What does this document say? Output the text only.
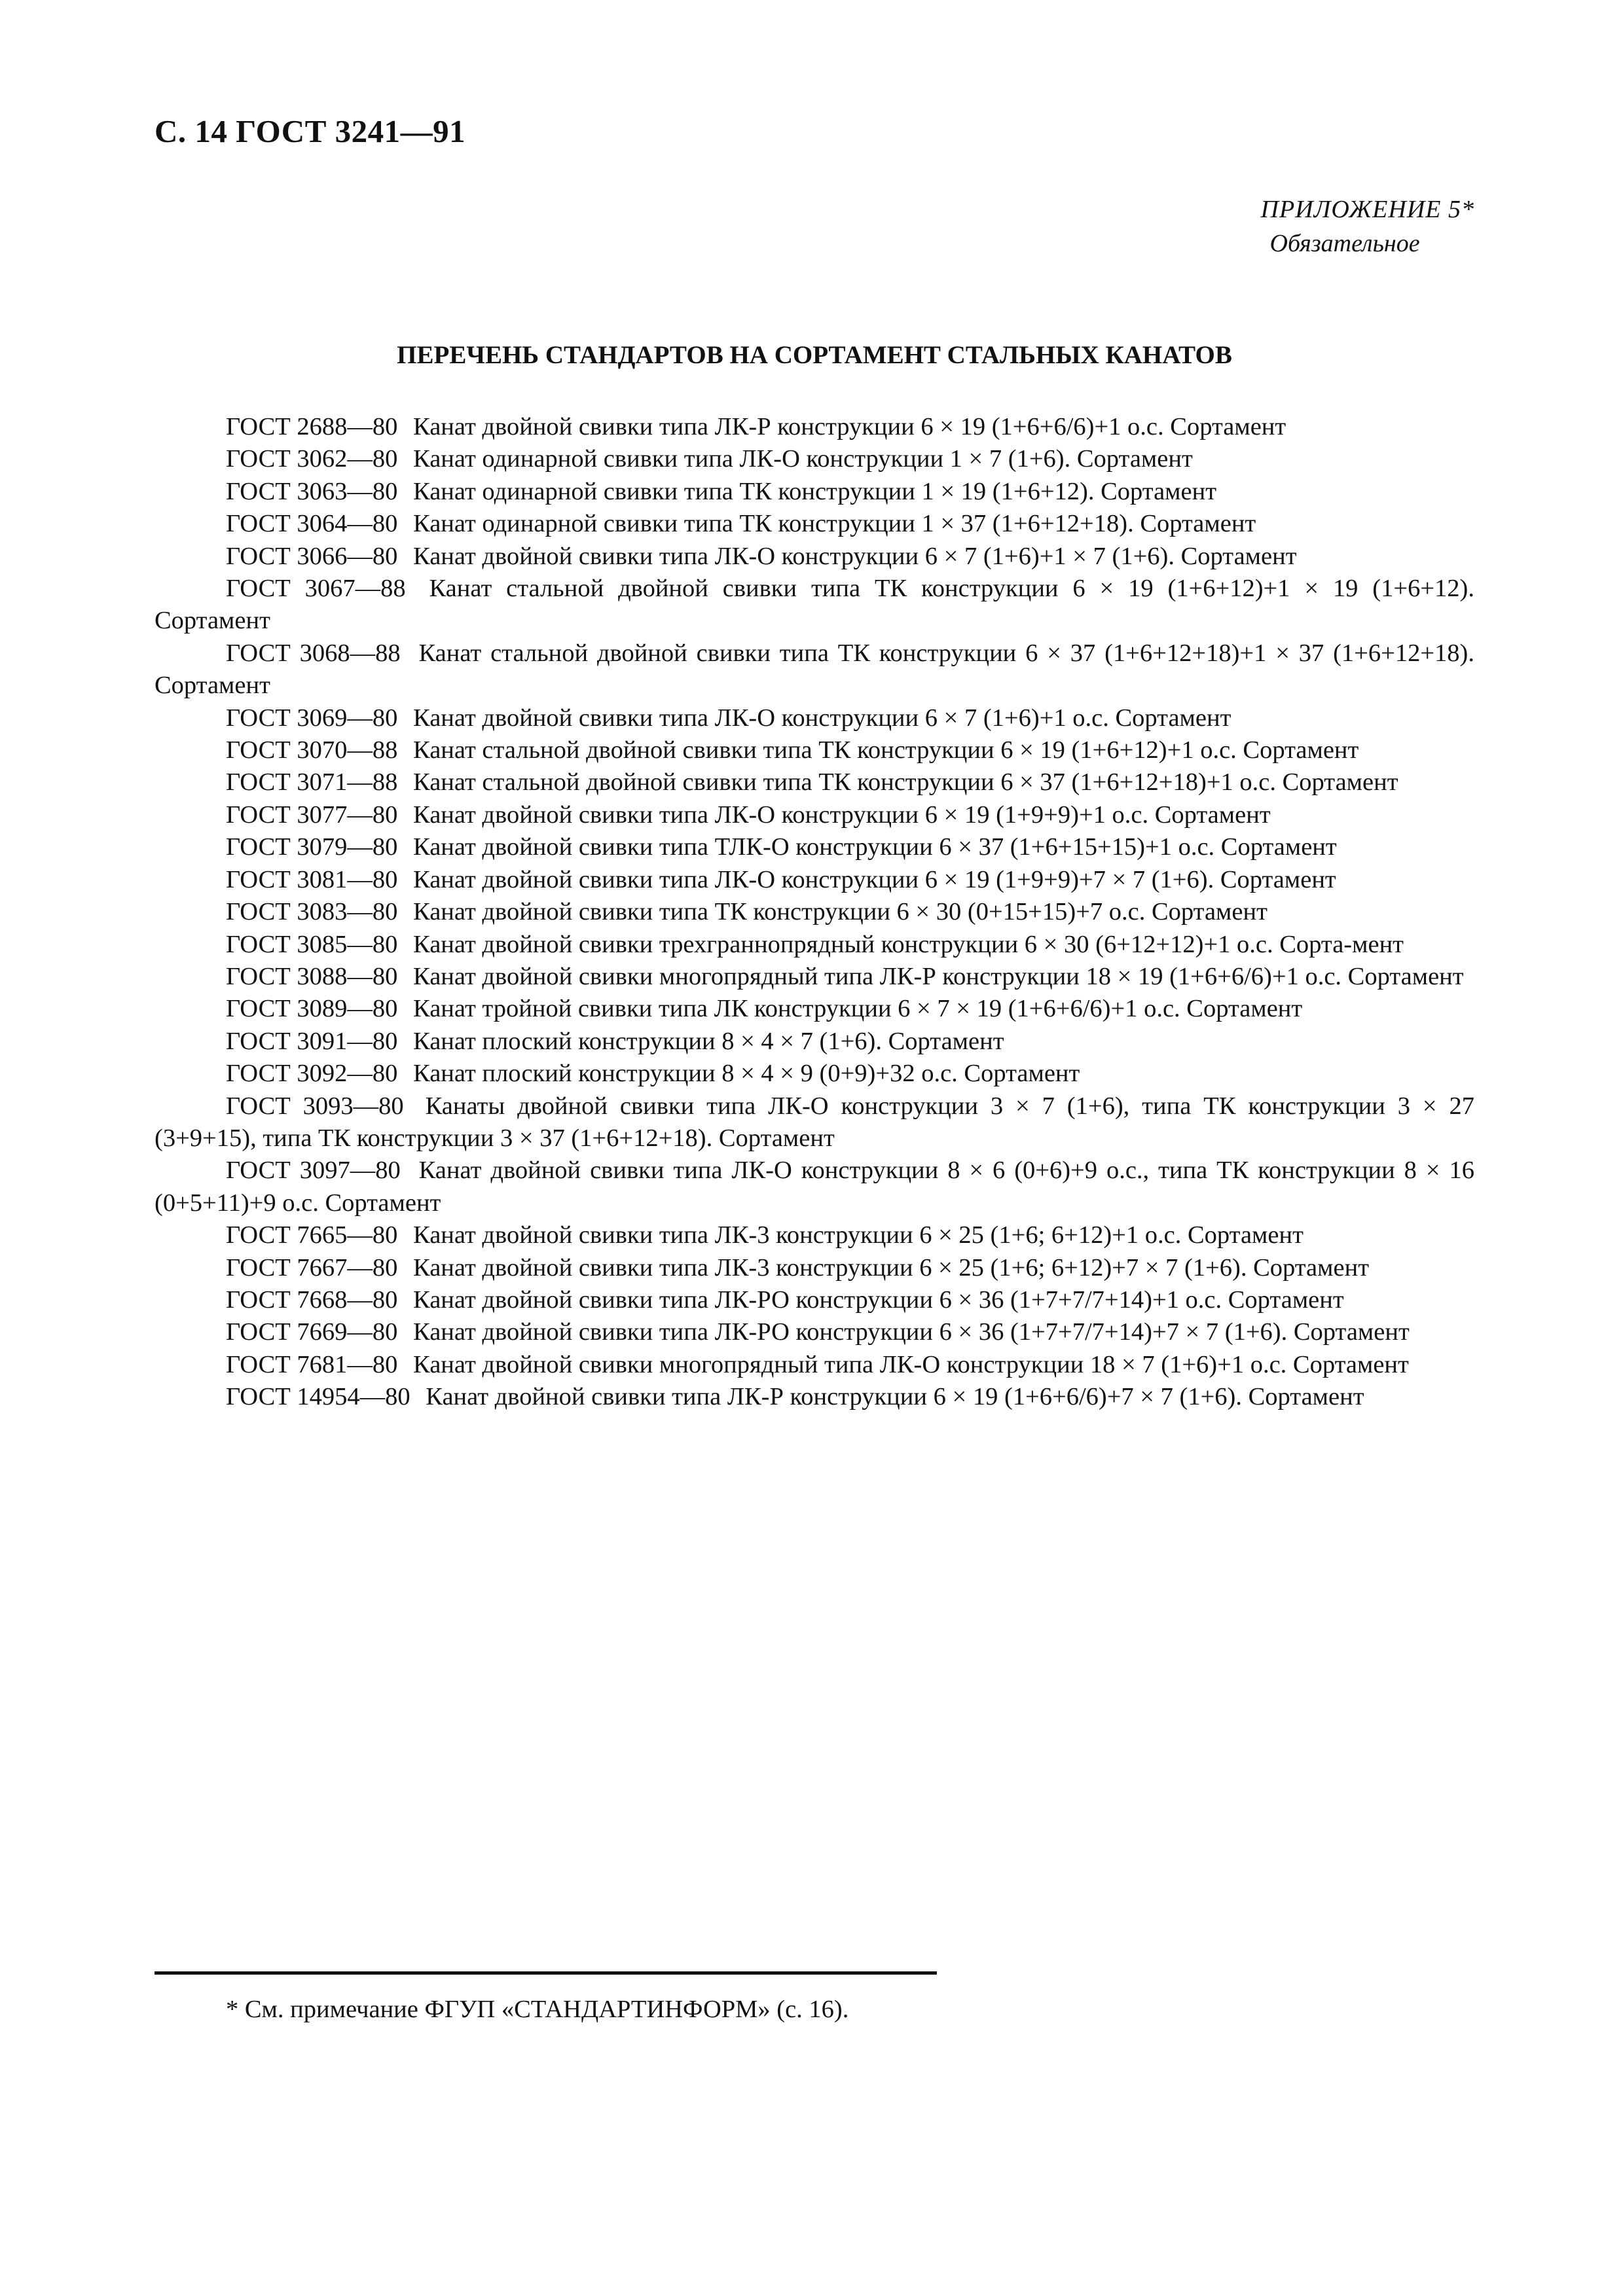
С. 14 ГОСТ 3241—91
ПРИЛОЖЕНИЕ 5*
Обязательное
ПЕРЕЧЕНЬ СТАНДАРТОВ НА СОРТАМЕНТ СТАЛЬНЫХ КАНАТОВ
ГОСТ 2688—80 Канат двойной свивки типа ЛК-Р конструкции 6 × 19 (1+6+6/6)+1 о.с. Сортамент
ГОСТ 3062—80 Канат одинарной свивки типа ЛК-О конструкции 1 × 7 (1+6). Сортамент
ГОСТ 3063—80 Канат одинарной свивки типа ТК конструкции 1 × 19 (1+6+12). Сортамент
ГОСТ 3064—80 Канат одинарной свивки типа ТК конструкции 1 × 37 (1+6+12+18). Сортамент
ГОСТ 3066—80 Канат двойной свивки типа ЛК-О конструкции 6 × 7 (1+6)+1 × 7 (1+6). Сортамент
ГОСТ 3067—88 Канат стальной двойной свивки типа ТК конструкции 6 × 19 (1+6+12)+1 × 19 (1+6+12). Сортамент
ГОСТ 3068—88 Канат стальной двойной свивки типа ТК конструкции 6 × 37 (1+6+12+18)+1 × 37 (1+6+12+18). Сортамент
ГОСТ 3069—80 Канат двойной свивки типа ЛК-О конструкции 6 × 7 (1+6)+1 о.с. Сортамент
ГОСТ 3070—88 Канат стальной двойной свивки типа ТК конструкции 6 × 19 (1+6+12)+1 о.с. Сортамент
ГОСТ 3071—88 Канат стальной двойной свивки типа ТК конструкции 6 × 37 (1+6+12+18)+1 о.с. Сортамент
ГОСТ 3077—80 Канат двойной свивки типа ЛК-О конструкции 6 × 19 (1+9+9)+1 о.с. Сортамент
ГОСТ 3079—80 Канат двойной свивки типа ТЛК-О конструкции 6 × 37 (1+6+15+15)+1 о.с. Сортамент
ГОСТ 3081—80 Канат двойной свивки типа ЛК-О конструкции 6 × 19 (1+9+9)+7 × 7 (1+6). Сортамент
ГОСТ 3083—80 Канат двойной свивки типа ТК конструкции 6 × 30 (0+15+15)+7 о.с. Сортамент
ГОСТ 3085—80 Канат двойной свивки трехграннопрядный конструкции 6 × 30 (6+12+12)+1 о.с. Сорта-мент
ГОСТ 3088—80 Канат двойной свивки многопрядный типа ЛК-Р конструкции 18 × 19 (1+6+6/6)+1 о.с. Сортамент
ГОСТ 3089—80 Канат тройной свивки типа ЛК конструкции 6 × 7 × 19 (1+6+6/6)+1 о.с. Сортамент
ГОСТ 3091—80 Канат плоский конструкции 8 × 4 × 7 (1+6). Сортамент
ГОСТ 3092—80 Канат плоский конструкции 8 × 4 × 9 (0+9)+32 о.с. Сортамент
ГОСТ 3093—80 Канаты двойной свивки типа ЛК-О конструкции 3 × 7 (1+6), типа ТК конструкции 3 × 27 (3+9+15), типа ТК конструкции 3 × 37 (1+6+12+18). Сортамент
ГОСТ 3097—80 Канат двойной свивки типа ЛК-О конструкции 8 × 6 (0+6)+9 о.с., типа ТК конструкции 8 × 16 (0+5+11)+9 о.с. Сортамент
ГОСТ 7665—80 Канат двойной свивки типа ЛК-3 конструкции 6 × 25 (1+6; 6+12)+1 о.с. Сортамент
ГОСТ 7667—80 Канат двойной свивки типа ЛК-3 конструкции 6 × 25 (1+6; 6+12)+7 × 7 (1+6). Сортамент
ГОСТ 7668—80 Канат двойной свивки типа ЛК-РО конструкции 6 × 36 (1+7+7/7+14)+1 о.с. Сортамент
ГОСТ 7669—80 Канат двойной свивки типа ЛК-РО конструкции 6 × 36 (1+7+7/7+14)+7 × 7 (1+6). Сортамент
ГОСТ 7681—80 Канат двойной свивки многопрядный типа ЛК-О конструкции 18 × 7 (1+6)+1 о.с. Сортамент
ГОСТ 14954—80 Канат двойной свивки типа ЛК-Р конструкции 6 × 19 (1+6+6/6)+7 × 7 (1+6). Сортамент
* См. примечание ФГУП «СТАНДАРТИНФОРМ» (с. 16).
